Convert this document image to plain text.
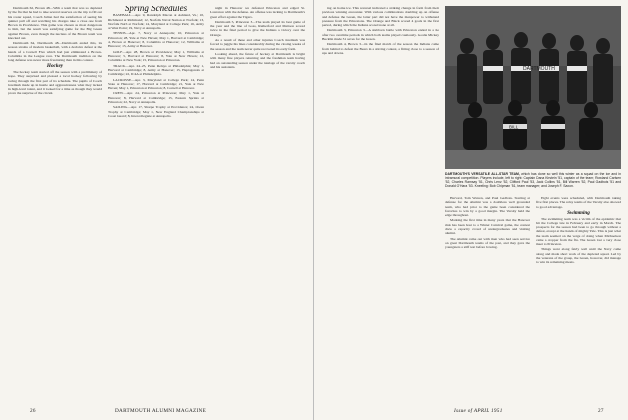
Dartmouth 62, Brown 48—With a team that was so depleted by the flu that he had to take several reserves on the trip to fill out his roster squad, Coach Julian had the satisfaction of seeing his quintet pull off and watching his charges take a close one from Brown in Providence. This game was chosen as most dangerous to him, but the result was satisfying game for the Big Green against Brown, even though the nucleus of the Brown team was knocked out.

Dartmouth 64, Dartmouth 48—Dartmouth ended this, its season strains of modern basketball, with a decisive defeat at the hands of a Cornell Five which had just eliminated a Brown-Columbia in the League race. The Dartmouth tradition on the long defense was never more frustrating than in this contest.

Hockey

The hockey team started off the season with a preliminary of hope. They surprised and pleased a local hockey following by racing through the first part of its schedule. The pupils of Coach Jeremiah made up in hustle and aggressiveness what they lacked in high-level talent, and it looked for a time as though they would prove the surprise of the circuit.

Spring Schedules

BASEBALL—Apr. 9, Randolph Macon at Ashland, Va.; 10, Richmond at Richmond; 12, Norfolk Naval Station at Norfolk; 13, Norfolk NAS at Norfolk; 14, Maryland at College Park; 16, Army at West Point; 19, Navy at Annapolis.

TENNIS—Apr. 7, Navy at Annapolis; 10, Princeton at Princeton; 28, Yale at New Haven; May 1, Harvard at Cambridge; 4, Brown at Hanover; 8, Columbia at Hanover; 12, Williams at Hanover; 15, Army at Hanover.

GOLF—Apr. 28, Brown at Providence; May 1, Williams at Hanover; 5, Harvard at Hanover; 8, Yale at New Haven; 12, Columbia at New York; 15, Princeton at Princeton.

TRACK—Apr. 24–25, Penn Relays at Philadelphia; May 1, Harvard at Cambridge; 8, Army at Hanover; 15, Heptagonals at Cambridge; 22, IC4A at Philadelphia.

LACROSSE—Apr. 3, Maryland at College Park; 14, Penn State at Hanover; 17, Harvard at Cambridge; 21, Yale at New Haven; May 1, Princeton at Princeton; 8, Cornell at Hanover.

CREW—Apr. 24, Princeton at Princeton; May 1, Yale at Hanover; 8, Harvard at Cambridge; 15, Eastern Sprints at Princeton; 22, Navy at Annapolis.

SAILING—Apr. 17, Sharpe Trophy at Providence; 24, Owen Trophy at Cambridge; May 1, New England Championships at Coast Guard; 8, Intercollegiate at Annapolis.

night in Hanover we defeated Princeton and edged St. Lawrence with the defense. An offense was lacking to Dartmouth's great effort against the Tigers.

Dartmouth 5, Princeton 3—The team played its best game of the year and the line of Goss, Rutherford and Mattson scored twice in the final period to give the Indians a victory over the Orange.

As a result of these and other injuries Coach Jeremiah was forced to juggle his lines considerably during the closing weeks of the season and the team never quite recovered its early form.

Looking ahead, the future of hockey at Dartmouth is bright with many fine players returning and the freshman team having had an outstanding season under the tutelage of the varsity coach and his assistants.

26	DARTMOUTH ALUMNI MAGAZINE

ing on home ice. This reversal indicated a striking change in form from their previous winning encounter. With various combinations doubling up on offense and defense the Green, the latter part did not have the manpower to withstand pressure from the Princetons. The Orange and Black scored 4 goals in the first period, during which the Indians scored none at all.

Dartmouth 3, Princeton 3—A stubborn battle with Princeton ended in a tie after two overtime periods in which both teams played cautiously. Goalie Mickey Bucklin made 31 saves for the Green.

Dartmouth 4, Brown 3—In the final match of the season the Indians came from behind to defeat the Bears in a stirring contest, a fitting close to a season of ups and downs.

DARTMOUTH
BILL
DARTMOUTH'S VERSATILE ALL-STAR TEAM, which has done so well this winter as a squad on the ice and in intramural competition. Players include, left to right: Captain Dana Kirstein '51, captain of the team; Rowland Carlsen '52, Charles Ramsay '51, Chris Lenz '52, Clifford Paul '53, Jack Collins '51, Bill Warren '52, Paul Gadbois '51 and Donald O'Hara '53. Kneeling: Bob Chipman '51, team manager; and Joseph F. Saxon.

Harvard, Tom Warren, and Paul Gadbois. Starting at defense for the Alumni was a doubtless well grounded team, who had prior to the game been considered the favorites to win by a good margin. The Varsity held the edge throughout.

Marking the first time in many years that the Hanover rink has been host to a Winter Carnival game, the contest drew a capacity crowd of undergraduates and visiting alumni.

The Alumni came out with men who had seen service on great Dartmouth teams of the past, and they gave the youngsters a stiff test before bowing.

Eight events were scheduled, with Dartmouth taking five first places. The relay teams of the Varsity also showed to good advantage.

Swimming

The swimming team was a victim of the epidemic that hit the College late in February and early in March. The prospects for the season had been to go through without a defeat, except at the hands of mighty Yale. This is just what the team seemed on the verge of doing when Michaelson came a cropper from the flu. The Green lost a very close meet to Princeton.

Things went along fairly well until the Navy came along and made short work of the depleted squad. Led by the veterans of the group, the Green, however, did manage to win its remaining meets.

Issue of APRIL 1951	27
